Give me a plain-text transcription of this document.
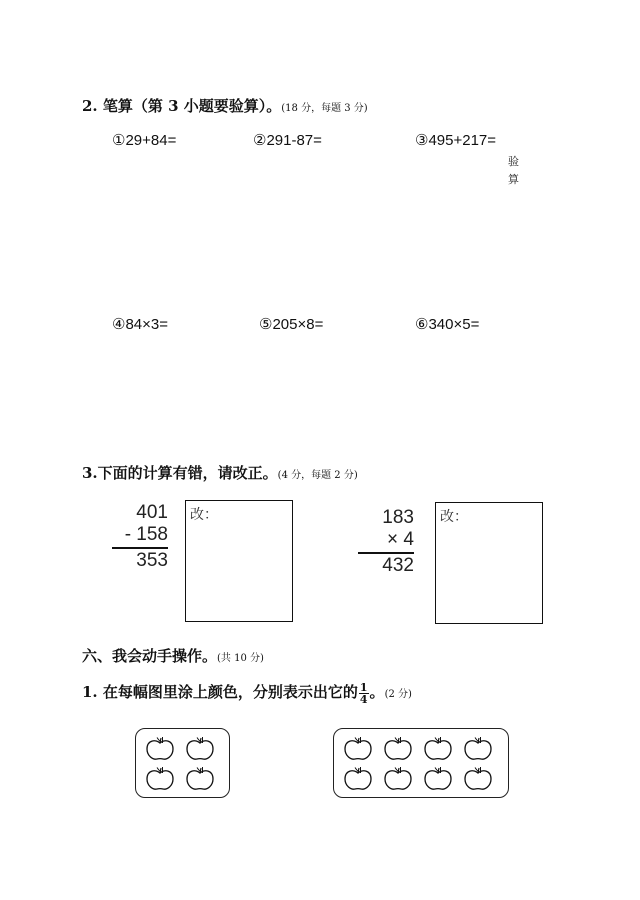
2. 笔算（第 3 小题要验算）。(18 分，每题 3 分)
①29+84=	②291-87=	③495+217=
验
算
④84×3=	⑤205×8=	⑥340×5=
3.下面的计算有错，请改正。(4 分，每题 2 分)
401
- 158
353
改：	183
× 4
432
改：
六、我会动手操作。(共 10 分)
1. 在每幅图里涂上颜色，分别表示出它的 $\frac{1}{4}$ 。(2 分)
